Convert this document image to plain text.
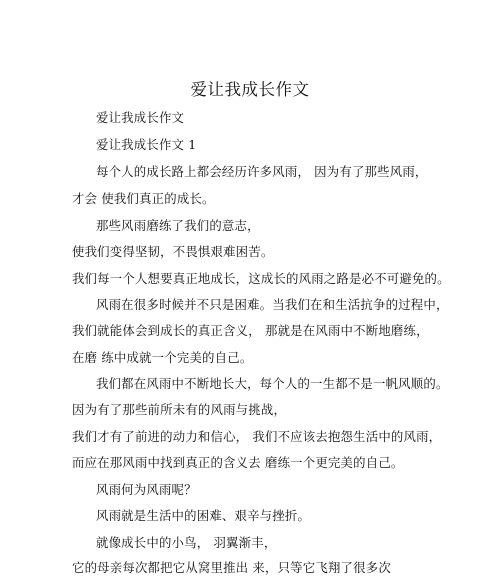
爱让我成长作文
爱让我成长作文
爱让我成长作文 1
每个人的成长路上都会经历许多风雨， 因为有了那些风雨，
才会 使我们真正的成长。
那些风雨磨练了我们的意志，
使我们变得坚韧，不畏惧艰难困苦。
我们每一个人想要真正地成长，这成长的风雨之路是必不可避免的。
风雨在很多时候并不只是困难。当我们在和生活抗争的过程中，
我们就能体会到成长的真正含义， 那就是在风雨中不断地磨练，
在磨 练中成就一个完美的自己。
我们都在风雨中不断地长大，每个人的一生都不是一帆风顺的。
因为有了那些前所未有的风雨与挑战，
我们才有了前进的动力和信心， 我们不应该去抱怨生活中的风雨，
而应在那风雨中找到真正的含义去 磨练一个更完美的自己。
风雨何为风雨呢？
风雨就是生活中的困难、艰辛与挫折。
就像成长中的小鸟， 羽翼渐丰，
它的母亲每次都把它从窝里推出 来，只等它飞翔了很多次
